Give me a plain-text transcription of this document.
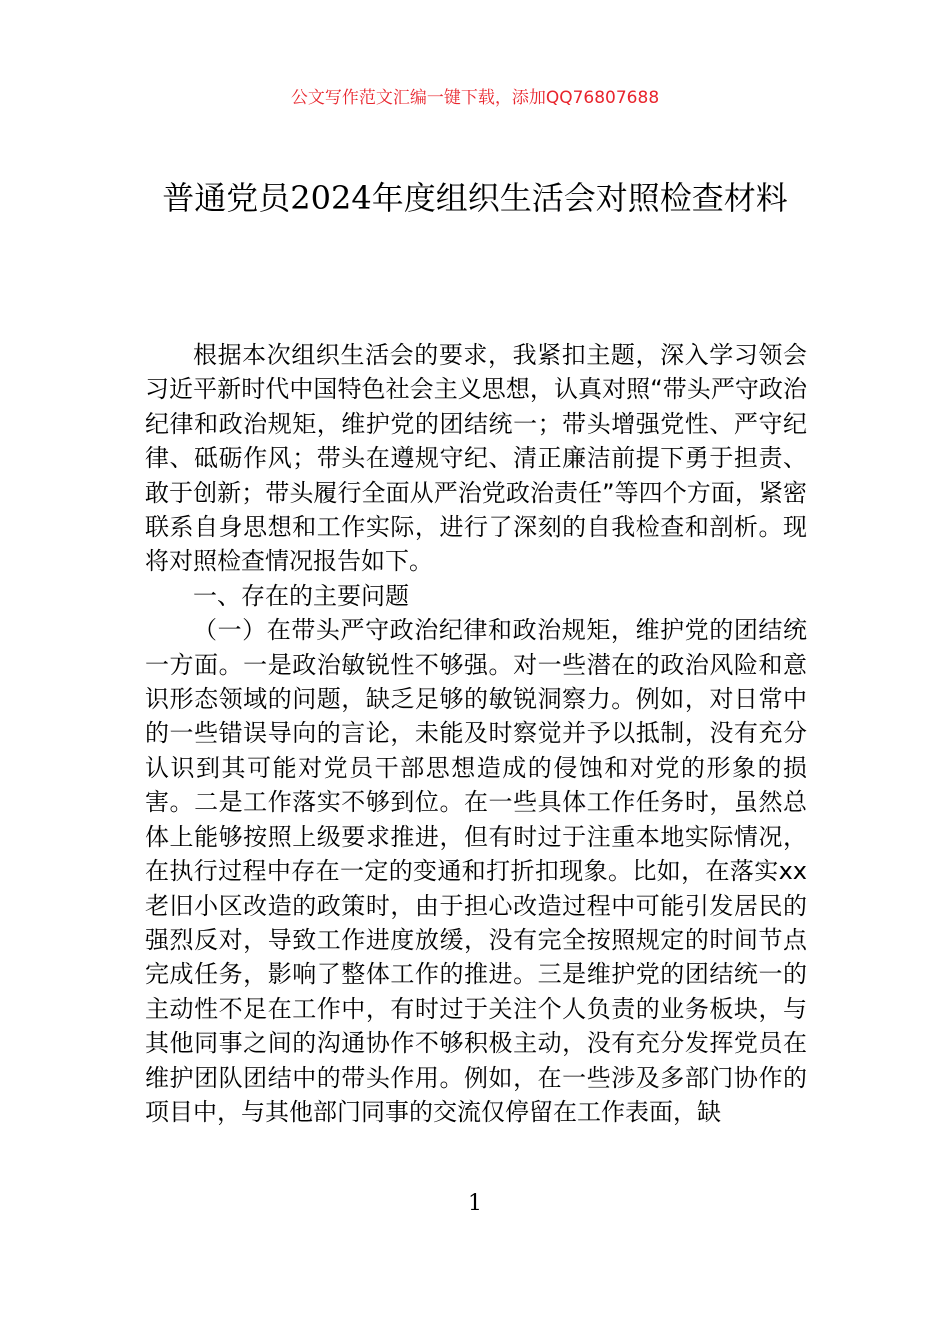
公文写作范文汇编一键下载，添加QQ76807688
普通党员2024年度组织生活会对照检查材料

根据本次组织生活会的要求，我紧扣主题，深入学习领会习近平新时代中国特色社会主义思想，认真对照“带头严守政治纪律和政治规矩，维护党的团结统一；带头增强党性、严守纪律、砥砺作风；带头在遵规守纪、清正廉洁前提下勇于担责、敢于创新；带头履行全面从严治党政治责任”等四个方面，紧密联系自身思想和工作实际，进行了深刻的自我检查和剖析。现将对照检查情况报告如下。

一、存在的主要问题

（一）在带头严守政治纪律和政治规矩，维护党的团结统一方面。一是政治敏锐性不够强。对一些潜在的政治风险和意识形态领域的问题，缺乏足够的敏锐洞察力。例如，对日常中的一些错误导向的言论，未能及时察觉并予以抵制，没有充分认识到其可能对党员干部思想造成的侵蚀和对党的形象的损害。二是工作落实不够到位。在一些具体工作任务时，虽然总体上能够按照上级要求推进，但有时过于注重本地实际情况，在执行过程中存在一定的变通和打折扣现象。比如，在落实xx老旧小区改造的政策时，由于担心改造过程中可能引发居民的强烈反对，导致工作进度放缓，没有完全按照规定的时间节点完成任务，影响了整体工作的推进。三是维护党的团结统一的主动性不足在工作中，有时过于关注个人负责的业务板块，与其他同事之间的沟通协作不够积极主动，没有充分发挥党员在维护团队团结中的带头作用。例如，在一些涉及多部门协作的项目中，与其他部门同事的交流仅停留在工作表面，缺

1
